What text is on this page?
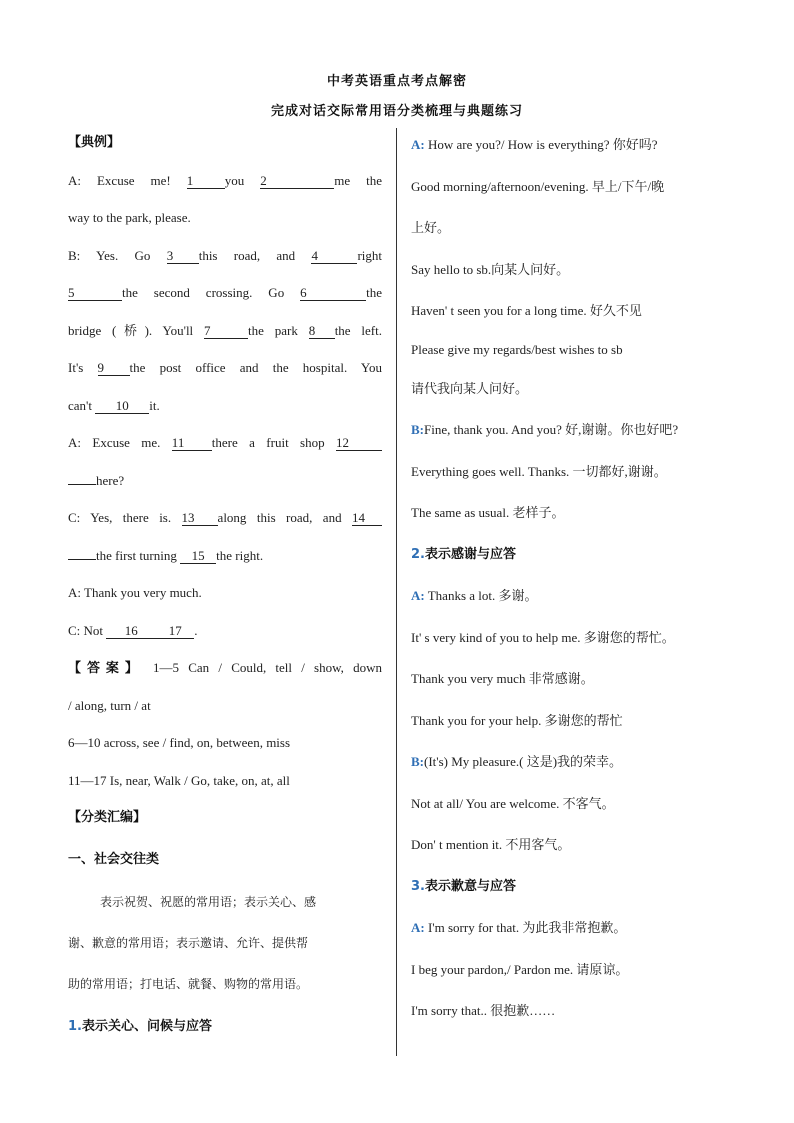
中考英语重点考点解密
完成对话交际常用语分类梳理与典题练习
【典例】
A: Excuse me! 1 you 2	me the
way to the park, please.
B: Yes. Go 3 this road, and 4	right
5	the second crossing. Go 6	the
bridge (桥). You'll 7	the park 8 the left.
It's 9 the post office and the hospital. You
can't 10 it.
A: Excuse me. 11 there a fruit shop 12
here?
C: Yes, there is. 13 along this road, and 14
the first turning 15 the right.
A: Thank you very much.
C: Not 16 17 .
【答案】 1—5 Can / Could, tell / show, down
/ along, turn / at
6—10 across, see / find, on, between, miss
11—17 Is, near, Walk / Go, take, on, at, all
【分类汇编】
一、社会交往类
表示祝贺、祝愿的常用语；表示关心、感
谢、歉意的常用语；表示邀请、允许、提供帮
助的常用语；打电话、就餐、购物的常用语。
1.表示关心、问候与应答
A: How are you?/ How is everything? 你好吗?
Good morning/afternoon/evening. 早上/下午/晚
上好。
Say hello to sb.向某人问好。
Haven' t seen you for a long time. 好久不见
Please give my regards/best wishes to sb
请代我向某人问好。
B:Fine, thank you. And you? 好,谢谢。你也好吧?
Everything goes well. Thanks. 一切都好,谢谢。
The same as usual. 老样子。
2.表示感谢与应答
A: Thanks a lot. 多谢。
It' s very kind of you to help me. 多谢您的帮忙。
Thank you very much 非常感谢。
Thank you for your help. 多谢您的帮忙
B:(It's) My pleasure.( 这是)我的荣幸。
Not at all/ You are welcome. 不客气。
Don' t mention it. 不用客气。
3.表示歉意与应答
A: I'm sorry for that. 为此我非常抱歉。
I beg your pardon,/ Pardon me. 请原谅。
I'm sorry that.. 很抱歉……
